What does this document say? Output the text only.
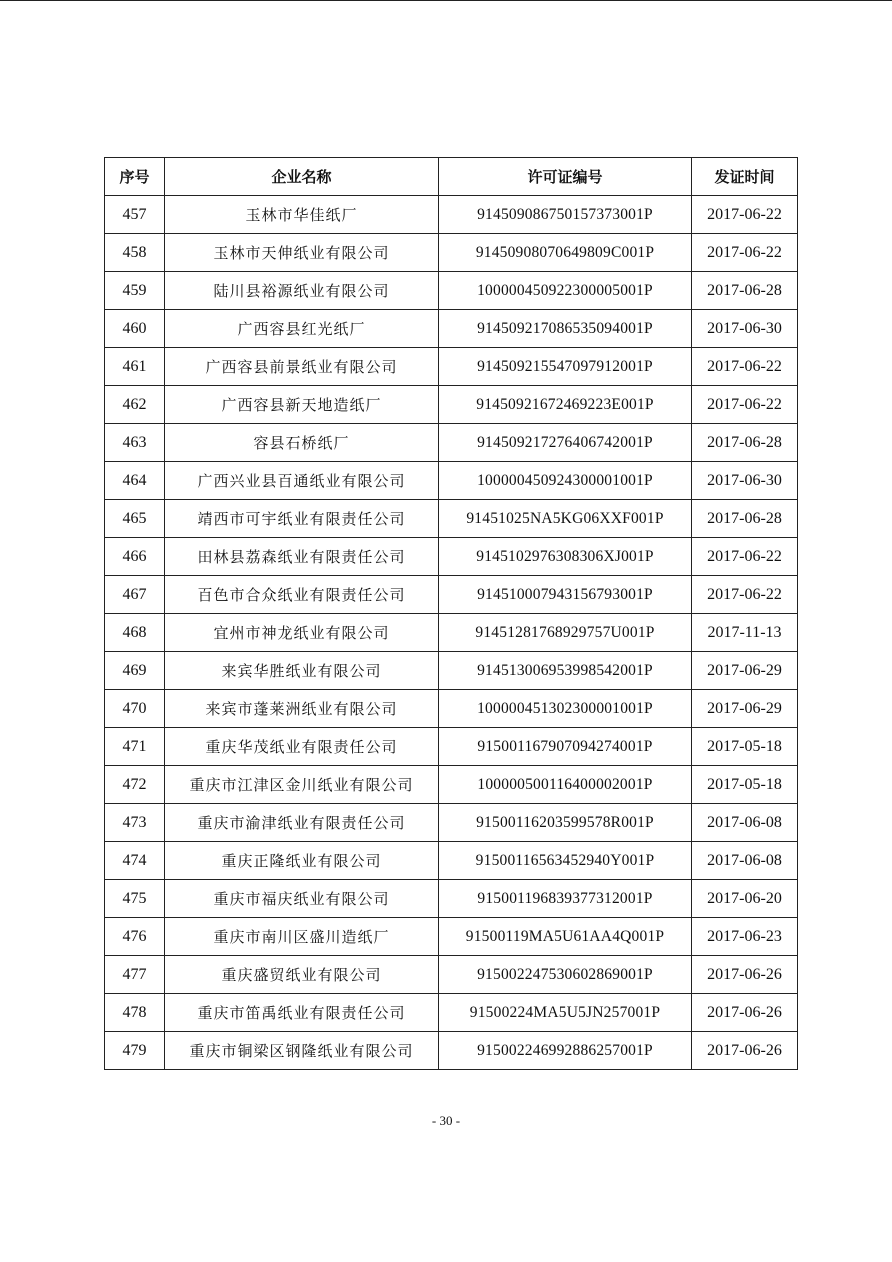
序号	企业名称	许可证编号	发证时间
457	玉林市华佳纸厂	914509086750157373001P	2017-06-22
458	玉林市天伸纸业有限公司	91450908070649809C001P	2017-06-22
459	陆川县裕源纸业有限公司	100000450922300005001P	2017-06-28
460	广西容县红光纸厂	914509217086535094001P	2017-06-30
461	广西容县前景纸业有限公司	914509215547097912001P	2017-06-22
462	广西容县新天地造纸厂	91450921672469223E001P	2017-06-22
463	容县石桥纸厂	914509217276406742001P	2017-06-28
464	广西兴业县百通纸业有限公司	100000450924300001001P	2017-06-30
465	靖西市可宇纸业有限责任公司	91451025NA5KG06XXF001P	2017-06-28
466	田林县荔森纸业有限责任公司	9145102976308306XJ001P	2017-06-22
467	百色市合众纸业有限责任公司	914510007943156793001P	2017-06-22
468	宜州市神龙纸业有限公司	91451281768929757U001P	2017-11-13
469	来宾华胜纸业有限公司	914513006953998542001P	2017-06-29
470	来宾市蓬莱洲纸业有限公司	100000451302300001001P	2017-06-29
471	重庆华茂纸业有限责任公司	915001167907094274001P	2017-05-18
472	重庆市江津区金川纸业有限公司	100000500116400002001P	2017-05-18
473	重庆市渝津纸业有限责任公司	91500116203599578R001P	2017-06-08
474	重庆正隆纸业有限公司	91500116563452940Y001P	2017-06-08
475	重庆市福庆纸业有限公司	915001196839377312001P	2017-06-20
476	重庆市南川区盛川造纸厂	91500119MA5U61AA4Q001P	2017-06-23
477	重庆盛贸纸业有限公司	915002247530602869001P	2017-06-26
478	重庆市笛禹纸业有限责任公司	91500224MA5U5JN257001P	2017-06-26
479	重庆市铜梁区钢隆纸业有限公司	915002246992886257001P	2017-06-26
- 30 -
